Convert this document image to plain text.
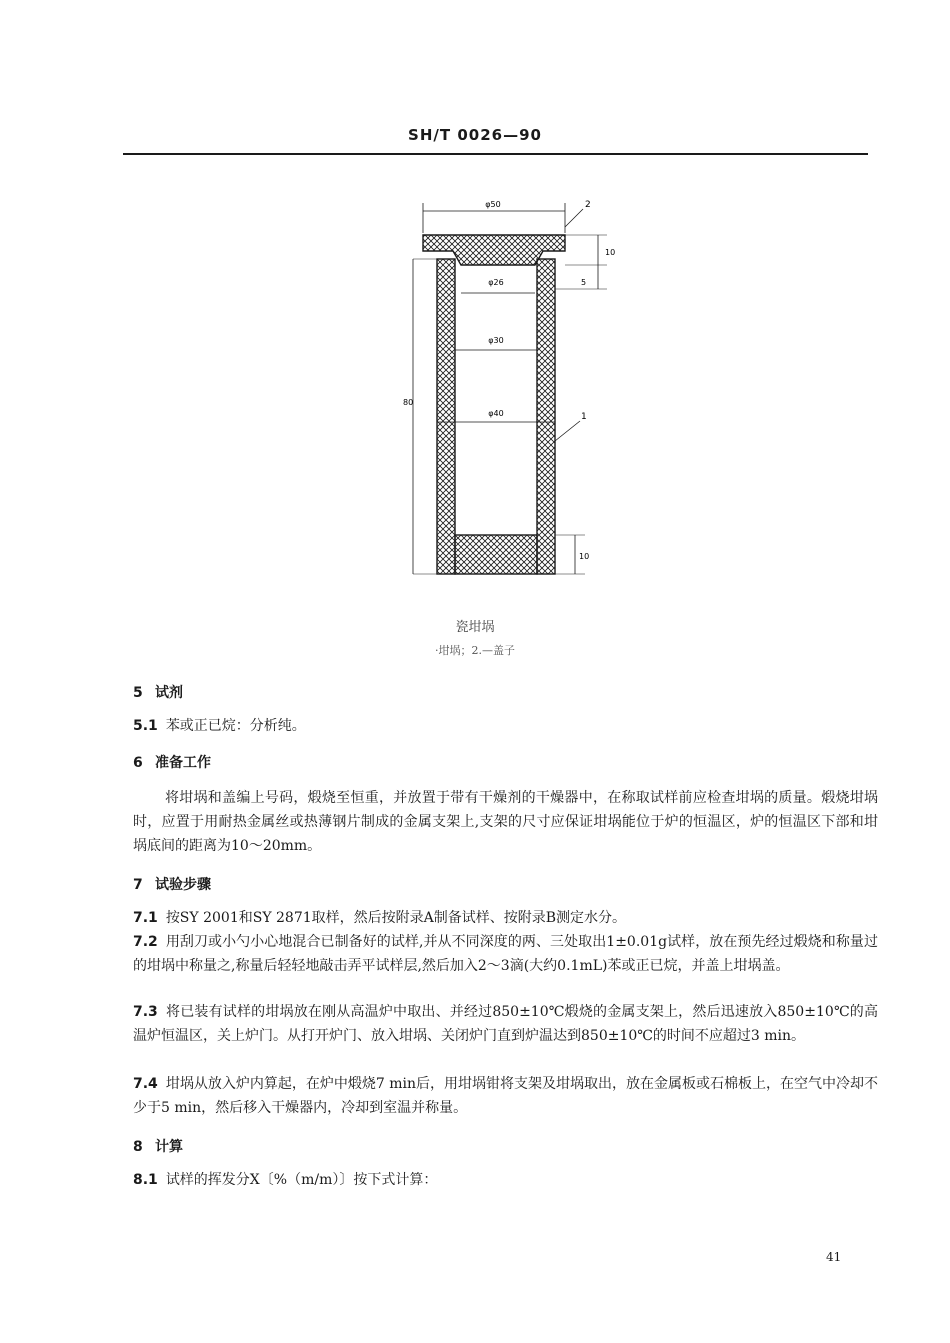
SH/T 0026—90
φ50	2
10
5
φ26
φ30
φ40
80
1
10
瓷坩埚
·坩埚；2.—盖子
5 试剂
5.1 苯或正已烷：分析纯。
6 准备工作
将坩埚和盖编上号码，煅烧至恒重，并放置于带有干燥剂的干燥器中，在称取试样前应检查坩埚的质量。煅烧坩埚时，应置于用耐热金属丝或热薄钢片制成的金属支架上,支架的尺寸应保证坩埚能位于炉的恒温区，炉的恒温区下部和坩埚底间的距离为10～20mm。
7 试验步骤
7.1 按SY 2001和SY 2871取样，然后按附录A制备试样、按附录B测定水分。
7.2 用刮刀或小勺小心地混合已制备好的试样,并从不同深度的两、三处取出1±0.01g试样，放在预先经过煅烧和称量过的坩埚中称量之,称量后轻轻地敲击弄平试样层,然后加入2～3滴(大约0.1mL)苯或正已烷，并盖上坩埚盖。
7.3 将已装有试样的坩埚放在刚从高温炉中取出、并经过850±10℃煅烧的金属支架上，然后迅速放入850±10℃的高温炉恒温区，关上炉门。从打开炉门、放入坩埚、关闭炉门直到炉温达到850±10℃的时间不应超过3 min。
7.4 坩埚从放入炉内算起，在炉中煅烧7 min后，用坩埚钳将支架及坩埚取出，放在金属板或石棉板上，在空气中冷却不少于5 min，然后移入干燥器内，冷却到室温并称量。
8 计算
8.1 试样的挥发分X〔%（m/m）〕按下式计算：
41
